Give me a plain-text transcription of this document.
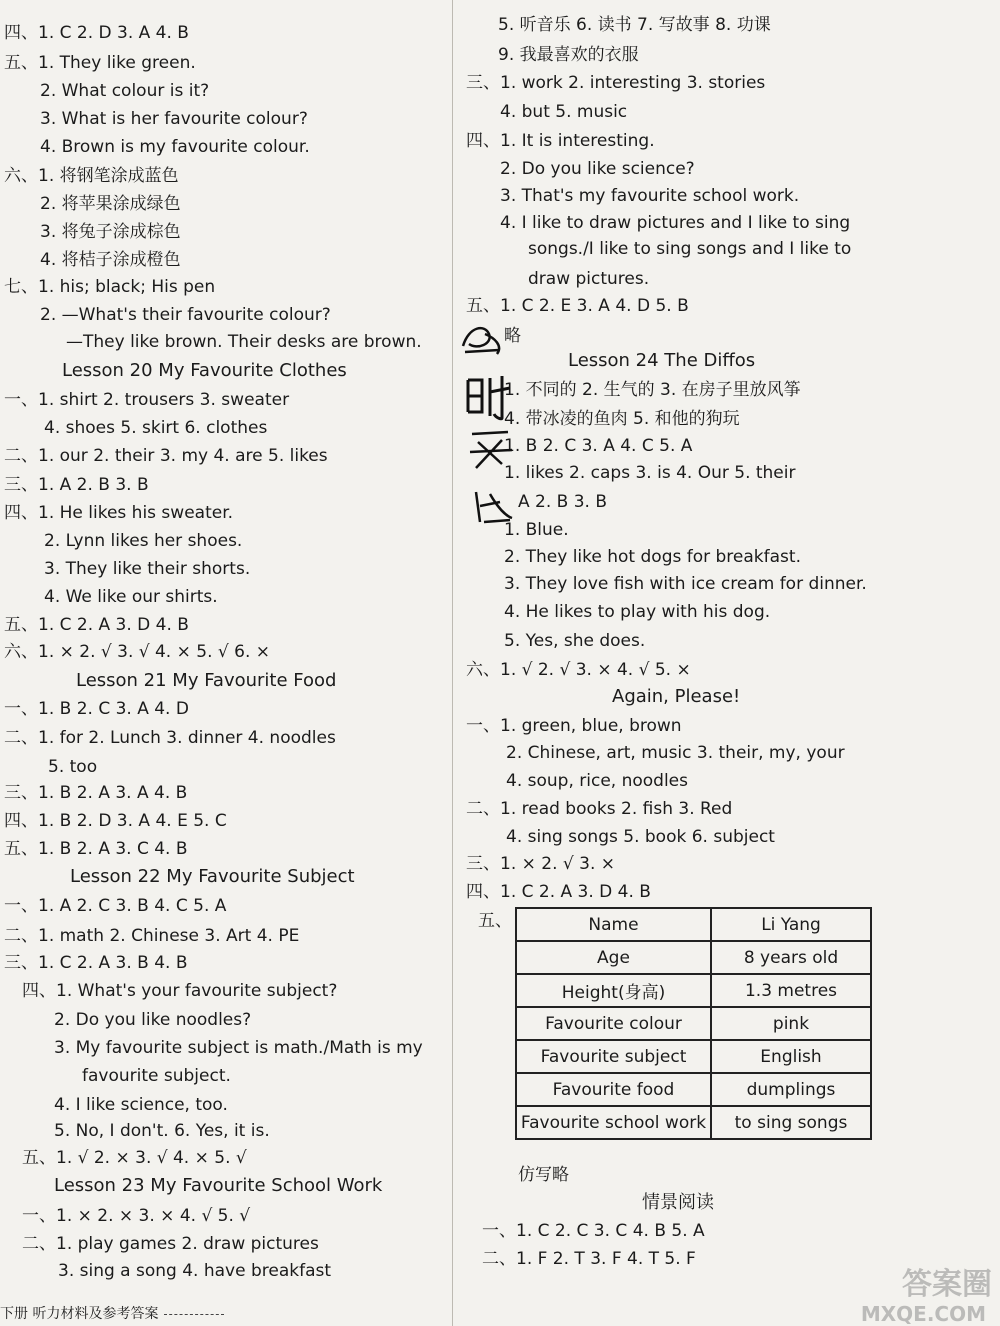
四、1. C 2. D 3. A 4. B
五、1. They like green.
2. What colour is it?
3. What is her favourite colour?
4. Brown is my favourite colour.
六、1. 将钢笔涂成蓝色
2. 将苹果涂成绿色
3. 将兔子涂成棕色
4. 将桔子涂成橙色
七、1. his; black; His pen
2. —What's their favourite colour?
—They like brown. Their desks are brown.
Lesson 20 My Favourite Clothes
一、1. shirt 2. trousers 3. sweater
4. shoes 5. skirt 6. clothes
二、1. our 2. their 3. my 4. are 5. likes
三、1. A 2. B 3. B
四、1. He likes his sweater.
2. Lynn likes her shoes.
3. They like their shorts.
4. We like our shirts.
五、1. C 2. A 3. D 4. B
六、1. × 2. √ 3. √ 4. × 5. √ 6. ×
Lesson 21 My Favourite Food
一、1. B 2. C 3. A 4. D
二、1. for 2. Lunch 3. dinner 4. noodles
5. too
三、1. B 2. A 3. A 4. B
四、1. B 2. D 3. A 4. E 5. C
五、1. B 2. A 3. C 4. B
Lesson 22 My Favourite Subject
一、1. A 2. C 3. B 4. C 5. A
二、1. math 2. Chinese 3. Art 4. PE
三、1. C 2. A 3. B 4. B
四、1. What's your favourite subject?
2. Do you like noodles?
3. My favourite subject is math./Math is my
favourite subject.
4. I like science, too.
5. No, I don't. 6. Yes, it is.
五、1. √ 2. × 3. √ 4. × 5. √
Lesson 23 My Favourite School Work
一、1. × 2. × 3. × 4. √ 5. √
二、1. play games 2. draw pictures
3. sing a song 4. have breakfast
5. 听音乐 6. 读书 7. 写故事 8. 功课
9. 我最喜欢的衣服
三、1. work 2. interesting 3. stories
4. but 5. music
四、1. It is interesting.
2. Do you like science?
3. That's my favourite school work.
4. I like to draw pictures and I like to sing
songs./I like to sing songs and I like to
draw pictures.
五、1. C 2. E 3. A 4. D 5. B
略
Lesson 24 The Diffos
1. 不同的 2. 生气的 3. 在房子里放风筝
4. 带冰凌的鱼肉 5. 和他的狗玩
1. B 2. C 3. A 4. C 5. A
1. likes 2. caps 3. is 4. Our 5. their
A 2. B 3. B
1. Blue.
2. They like hot dogs for breakfast.
3. They love fish with ice cream for dinner.
4. He likes to play with his dog.
5. Yes, she does.
六、1. √ 2. √ 3. × 4. √ 5. ×
Again, Please!
一、1. green, blue, brown
2. Chinese, art, music 3. their, my, your
4. soup, rice, noodles
二、1. read books 2. fish 3. Red
4. sing songs 5. book 6. subject
三、1. × 2. √ 3. ×
四、1. C 2. A 3. D 4. B
五、
仿写略
情景阅读
一、1. C 2. C 3. C 4. B 5. A
二、1. F 2. T 3. F 4. T 5. F
Name	Li Yang
Age	8 years old
Height(身高)	1.3 metres
Favourite colour	pink
Favourite subject	English
Favourite food	dumplings
Favourite school work	to sing songs
下册 听力材料及参考答案
答案圈
MXQE.COM
